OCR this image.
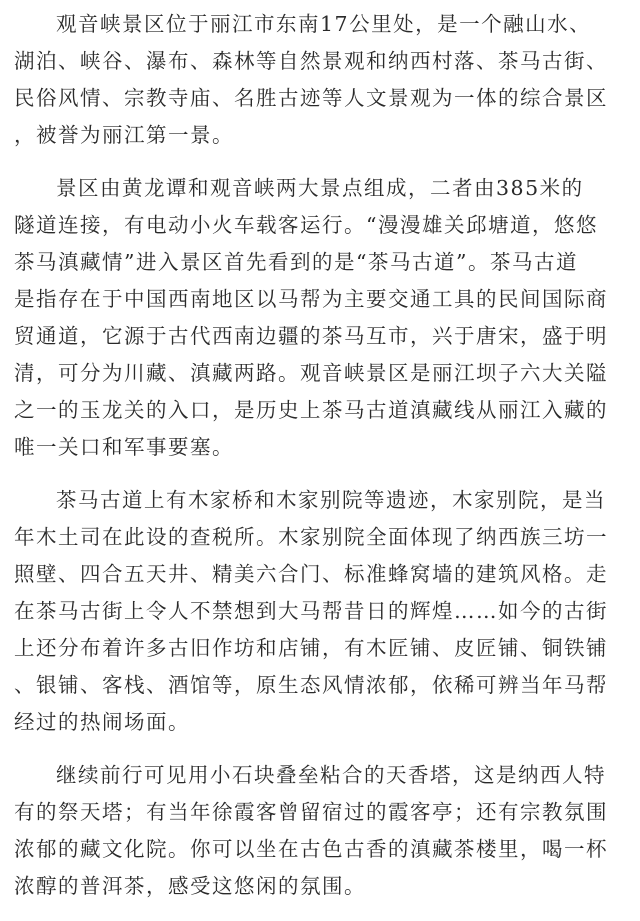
观音峡景区位于丽江市东南17公里处，是一个融山水、
湖泊、峡谷、瀑布、森林等自然景观和纳西村落、茶马古街、
民俗风情、宗教寺庙、名胜古迹等人文景观为一体的综合景区
，被誉为丽江第一景。
景区由黄龙谭和观音峡两大景点组成，二者由385米的
隧道连接，有电动小火车载客运行。“漫漫雄关邱塘道，悠悠
茶马滇藏情”进入景区首先看到的是“茶马古道”。茶马古道
是指存在于中国西南地区以马帮为主要交通工具的民间国际商
贸通道，它源于古代西南边疆的茶马互市，兴于唐宋，盛于明
清，可分为川藏、滇藏两路。观音峡景区是丽江坝子六大关隘
之一的玉龙关的入口，是历史上茶马古道滇藏线从丽江入藏的
唯一关口和军事要塞。
茶马古道上有木家桥和木家别院等遗迹，木家别院，是当
年木土司在此设的查税所。木家别院全面体现了纳西族三坊一
照壁、四合五天井、精美六合门、标准蜂窝墙的建筑风格。走
在茶马古街上令人不禁想到大马帮昔日的辉煌……如今的古街
上还分布着许多古旧作坊和店铺，有木匠铺、皮匠铺、铜铁铺
、银铺、客栈、酒馆等，原生态风情浓郁，依稀可辨当年马帮
经过的热闹场面。
继续前行可见用小石块叠垒粘合的天香塔，这是纳西人特
有的祭天塔；有当年徐霞客曾留宿过的霞客亭；还有宗教氛围
浓郁的藏文化院。你可以坐在古色古香的滇藏茶楼里，喝一杯
浓醇的普洱茶，感受这悠闲的氛围。
